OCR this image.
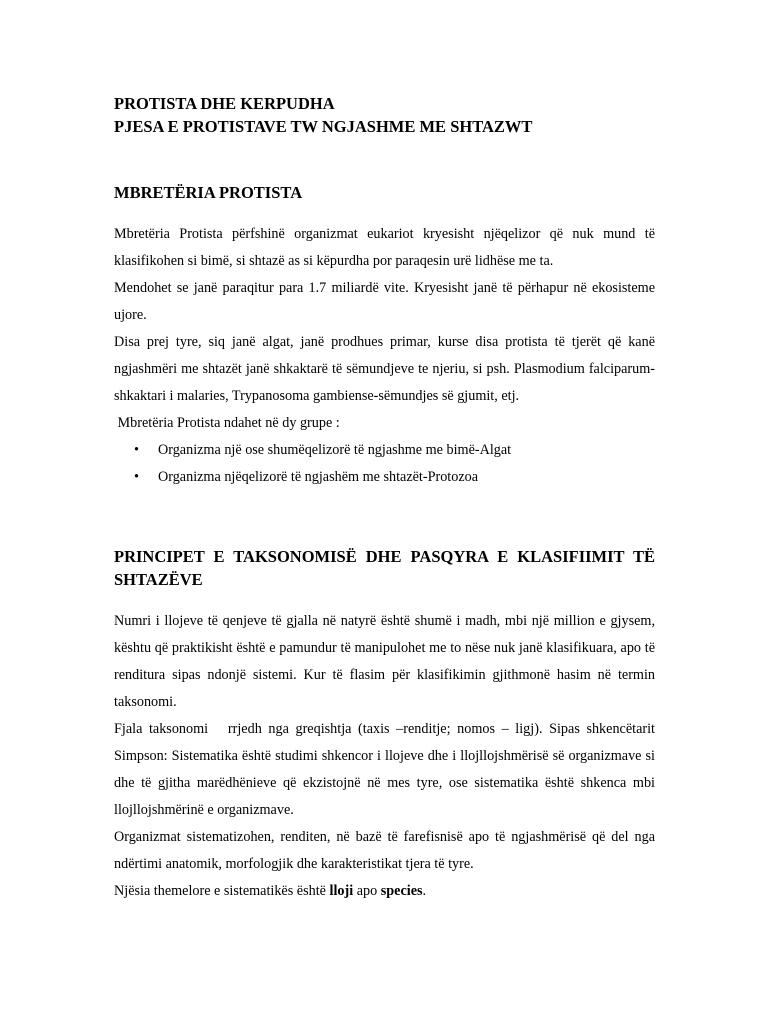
PROTISTA DHE KERPUDHA
PJESA E PROTISTAVE TW NGJASHME ME SHTAZWT
MBRETËRIA PROTISTA

Mbretëria Protista përfshinë organizmat eukariot kryesisht njëqelizor që nuk mund të klasifikohen si bimë, si shtazë as si këpurdha por paraqesin urë lidhëse me ta.

Mendohet se janë paraqitur para 1.7 miliardë vite. Kryesisht janë të përhapur në ekosisteme ujore.

Disa prej tyre, siq janë algat, janë prodhues primar, kurse disa protista të tjerët që kanë ngjashmëri me shtazët janë shkaktarë të sëmundjeve te njeriu, si psh. Plasmodium falciparum-shkaktari i malaries, Trypanosoma gambiense-sëmundjes së gjumit, etj.

Mbretëria Protista ndahet në dy grupe :

• Organizma një ose shumëqelizorë të ngjashme me bimë-Algat
• Organizma njëqelizorë të ngjashëm me shtazët-Protozoa
PRINCIPET E TAKSONOMISË DHE PASQYRA E KLASIFIIMIT TË SHTAZËVE

Numri i llojeve të qenjeve të gjalla në natyrë është shumë i madh, mbi një million e gjysem, kështu që praktikisht është e pamundur të manipulohet me to nëse nuk janë klasifikuara, apo të renditura sipas ndonjë sistemi. Kur të flasim për klasifikimin gjithmonë hasim në termin taksonomi.

Fjala taksonomi   rrjedh nga greqishtja (taxis –renditje; nomos – ligj). Sipas shkencëtarit Simpson: Sistematika është studimi shkencor i llojeve dhe i llojllojshmërisë së organizmave si dhe të gjitha marëdhënieve që ekzistojnë në mes tyre, ose sistematika është shkenca mbi llojllojshmërinë e organizmave.

Organizmat sistematizohen, renditen, në bazë të farefisnisë apo të ngjashmërisë që del nga ndërtimi anatomik, morfologjik dhe karakteristikat tjera të tyre.

Njësia themelore e sistematikës është lloji apo species.
